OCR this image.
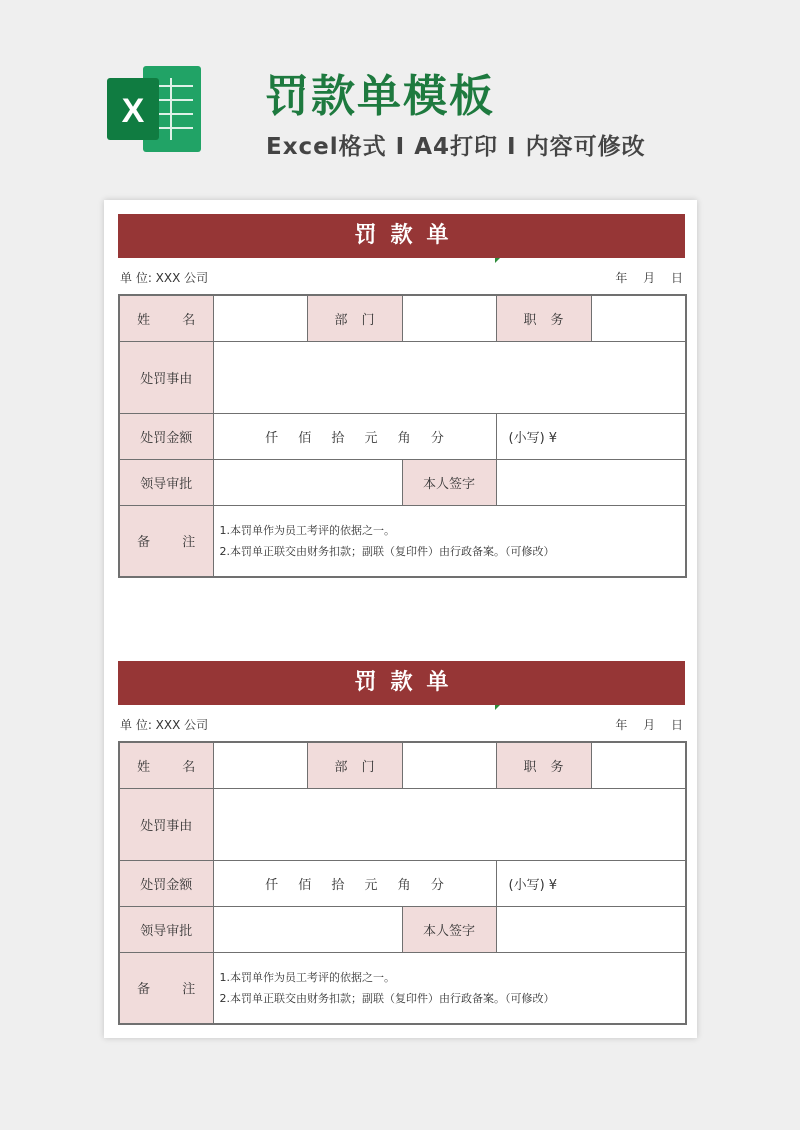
X	罚款单模板
Excel格式 I A4打印 I 内容可修改
罚款单
单 位: XXX 公司	年 月 日
姓 名		部门		职务	
处罚事由					
处罚金额	仟 佰 拾 元 角 分			(小写) ¥	
领导审批			本人签字		
备 注	1.本罚单作为员工考评的依据之一。
2.本罚单正联交由财务扣款；副联（复印件）由行政备案。（可修改）				
罚款单
单 位: XXX 公司	年 月 日
姓 名		部门		职务	
处罚事由					
处罚金额	仟 佰 拾 元 角 分			(小写) ¥	
领导审批			本人签字		
备 注	1.本罚单作为员工考评的依据之一。
2.本罚单正联交由财务扣款；副联（复印件）由行政备案。（可修改）				
